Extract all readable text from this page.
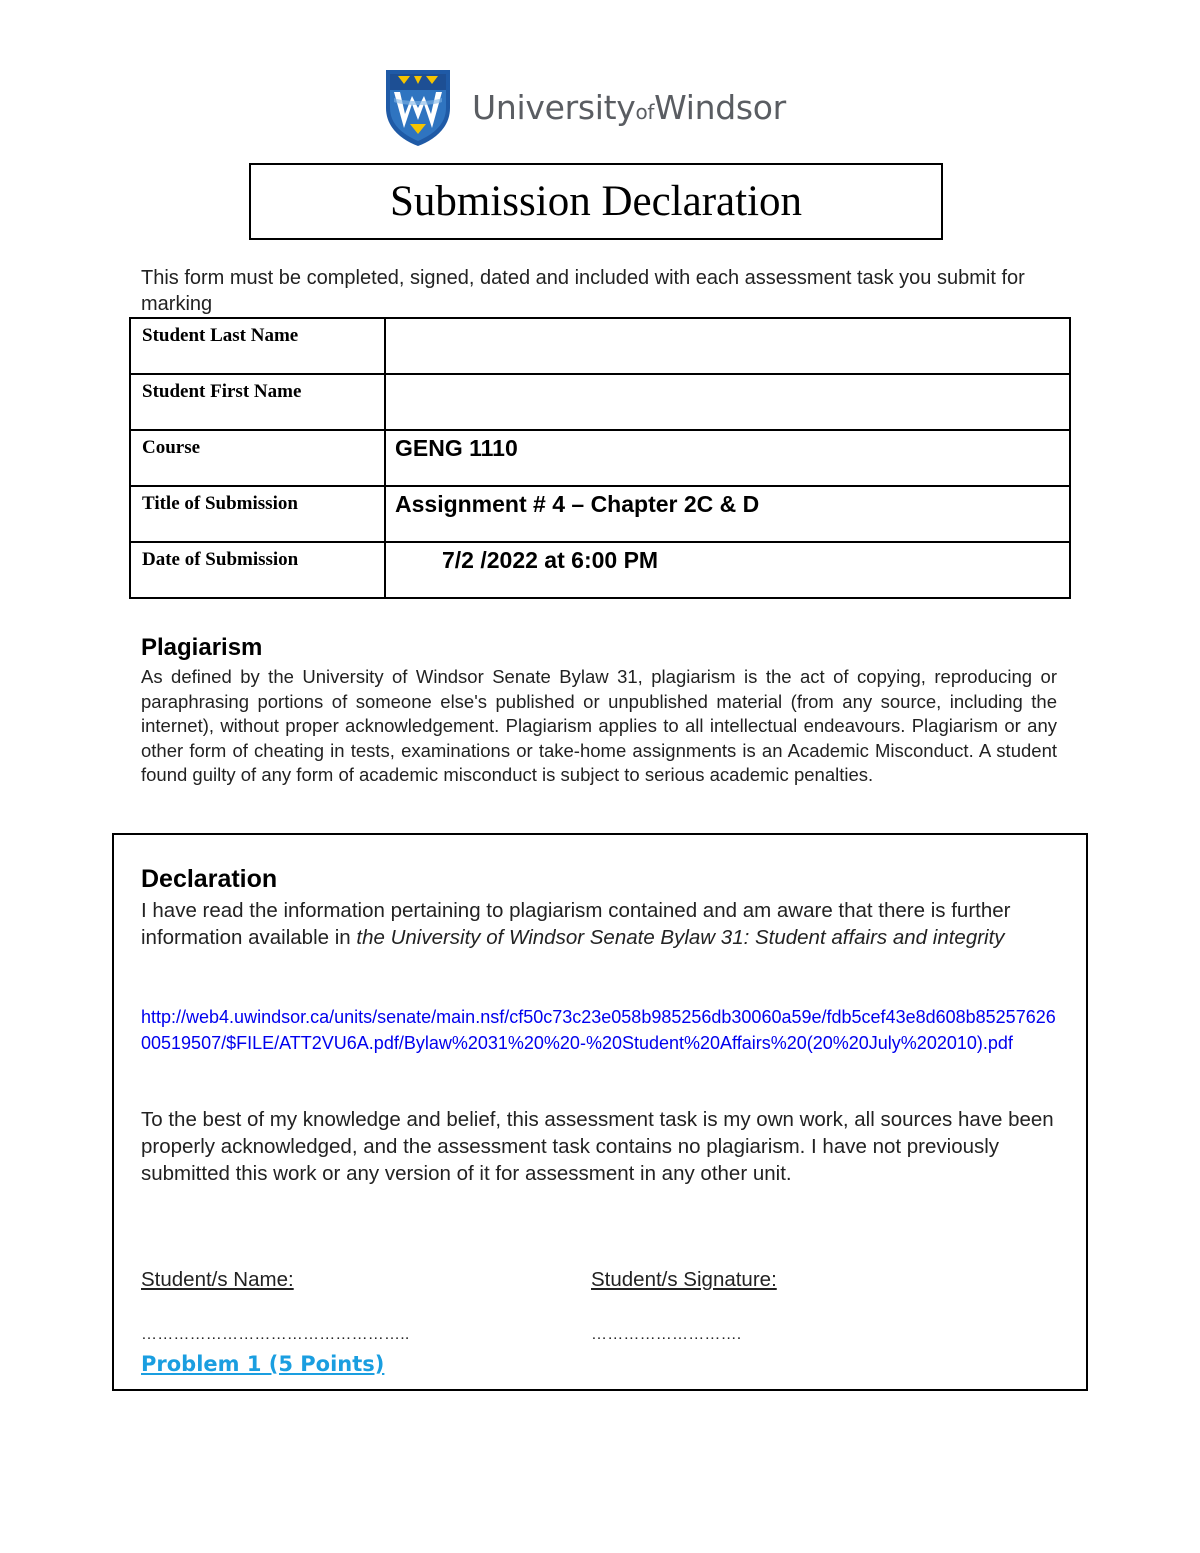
UniversityofWindsor
Submission Declaration
This form must be completed, signed, dated and included with each assessment task you submit for marking
Student Last Name	
Student First Name	
Course	GENG 1110
Title of Submission	Assignment # 4 – Chapter 2C & D
Date of Submission	7/2 /2022 at 6:00 PM
Plagiarism
As defined by the University of Windsor Senate Bylaw 31, plagiarism is the act of copying, reproducing or paraphrasing portions of someone else's published or unpublished material (from any source, including the internet), without proper acknowledgement. Plagiarism applies to all intellectual endeavours. Plagiarism or any other form of cheating in tests, examinations or take-home assignments is an Academic Misconduct. A student found guilty of any form of academic misconduct is subject to serious academic penalties.
Declaration
I have read the information pertaining to plagiarism contained and am aware that there is further information available in the University of Windsor Senate Bylaw 31: Student affairs and integrity
http://web4.uwindsor.ca/units/senate/main.nsf/cf50c73c23e058b985256db30060a59e/fdb5cef43e8d608b852576260051950​7/$FILE/ATT2VU6A.pdf/Bylaw%2031%20%20-%20Student%20Affairs%20(20%20July%202010).pdf
To the best of my knowledge and belief, this assessment task is my own work, all sources have been properly acknowledged, and the assessment task contains no plagiarism. I have not previously submitted this work or any version of it for assessment in any other unit.
Student/s Name:	Student/s Signature:
…………………………………………..	……………………….
Problem 1 (5 Points)
